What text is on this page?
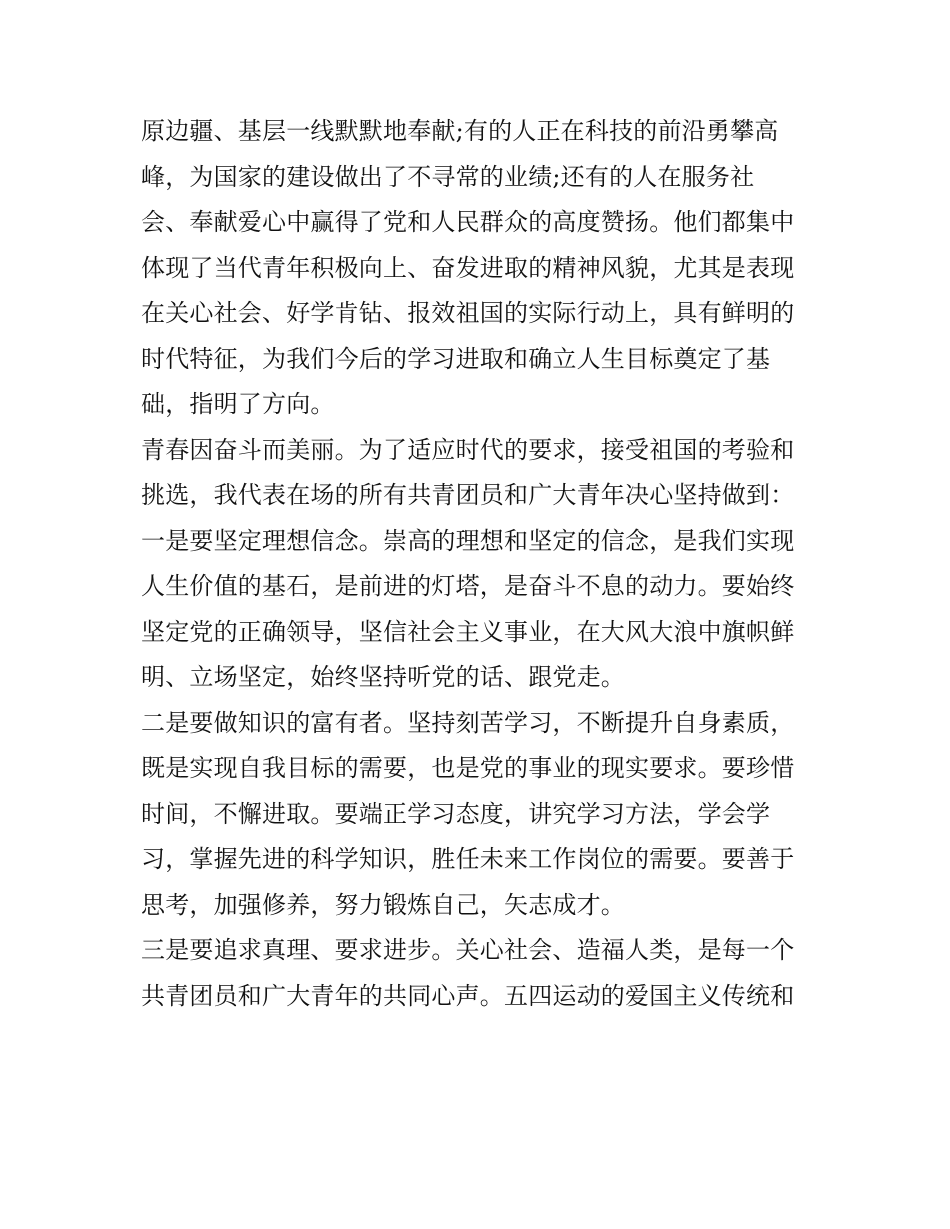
原边疆、基层一线默默地奉献;有的人正在科技的前沿勇攀高
峰，为国家的建设做出了不寻常的业绩;还有的人在服务社
会、奉献爱心中赢得了党和人民群众的高度赞扬。他们都集中
体现了当代青年积极向上、奋发进取的精神风貌，尤其是表现
在关心社会、好学肯钻、报效祖国的实际行动上，具有鲜明的
时代特征，为我们今后的学习进取和确立人生目标奠定了基
础，指明了方向。
青春因奋斗而美丽。为了适应时代的要求，接受祖国的考验和
挑选，我代表在场的所有共青团员和广大青年决心坚持做到：
一是要坚定理想信念。崇高的理想和坚定的信念，是我们实现
人生价值的基石，是前进的灯塔，是奋斗不息的动力。要始终
坚定党的正确领导，坚信社会主义事业，在大风大浪中旗帜鲜
明、立场坚定，始终坚持听党的话、跟党走。
二是要做知识的富有者。坚持刻苦学习，不断提升自身素质，
既是实现自我目标的需要，也是党的事业的现实要求。要珍惜
时间，不懈进取。要端正学习态度，讲究学习方法，学会学
习，掌握先进的科学知识，胜任未来工作岗位的需要。要善于
思考，加强修养，努力锻炼自己，矢志成才。
三是要追求真理、要求进步。关心社会、造福人类，是每一个
共青团员和广大青年的共同心声。五四运动的爱国主义传统和
